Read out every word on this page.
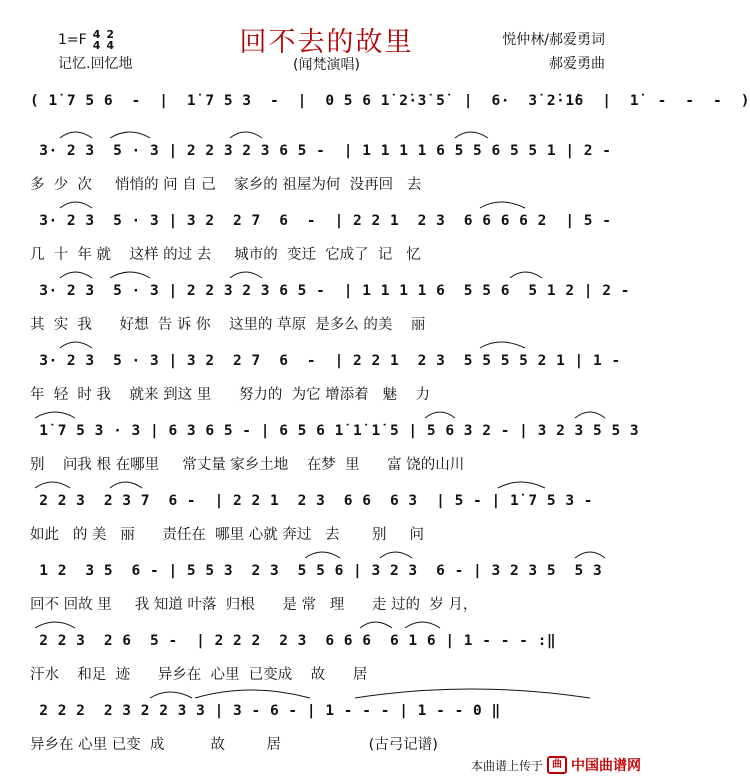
1=F 4
4
2
4
记忆.回忆地
回不去的故里
(闻梵演唱)
悦仲林/郝爱勇词
郝爱勇曲
( 1̇ 7 5 6  -  |  1̇ 7 5 3  -  |  0 5 6 1̇ 2̇·3̇ 5̇  |  6·  3̇ 2̇·1̇6  |  1̇  -  -  -  )
3· 2 3  5 · 3 | 2 2 3 2 3 6 5 -  | 1 1 1 1 6 5 5 6 5 5 1 | 2 -
多  少  次     悄悄的 问 自 己    家乡的 祖屋为何  没再回   去
3· 2 3  5 · 3 | 3 2  2 7  6  -  | 2 2 1  2 3  6 6 6 6 2  | 5 -
几  十  年 就    这样 的过 去     城市的  变迁  它成了  记   忆
3· 2 3  5 · 3 | 2 2 3 2 3 6 5 -  | 1 1 1 1 6  5 5 6  5 1 2 | 2 -
其  实  我      好想  告 诉 你    这里的 草原  是多么 的美    丽
3· 2 3  5 · 3 | 3 2  2 7  6  -  | 2 2 1  2 3  5 5 5 5 2 1 | 1 -
年  轻  时 我    就来 到这 里      努力的  为它 增添着   魅    力
1̇ 7 5 3 · 3 | 6 3 6 5 - | 6 5 6 1̇ 1̇ 1̇ 5 | 5 6 3 2 - | 3 2 3 5 5 3
别    问我 根 在哪里     常丈量 家乡土地    在梦  里      富 饶的山川
2 2 3  2 3 7  6 -  | 2 2 1  2 3  6 6  6 3  | 5 - | 1̇ 7 5 3 -
如此   的 美   丽      责任在  哪里 心就 奔过   去       别     问
1 2  3 5  6 - | 5 5 3  2 3  5 5 6 | 3 2 3  6 - | 3 2 3 5  5 3
回不 回故 里     我 知道 叶落  归根      是 常   理      走 过的  岁 月，
2 2 3  2 6  5 -  | 2 2 2  2 3  6 6 6  6 1 6 | 1 - - - :‖
汗水    和足  迹      异乡在  心里  已变成    故      居
2 2 2  2 3 2 2 3 3 | 3 - 6 - | 1 - - - | 1 - - 0 ‖
异乡在 心里 已变  成          故         居                   (古弓记谱)
本曲谱上传于 曲 中国曲谱网
